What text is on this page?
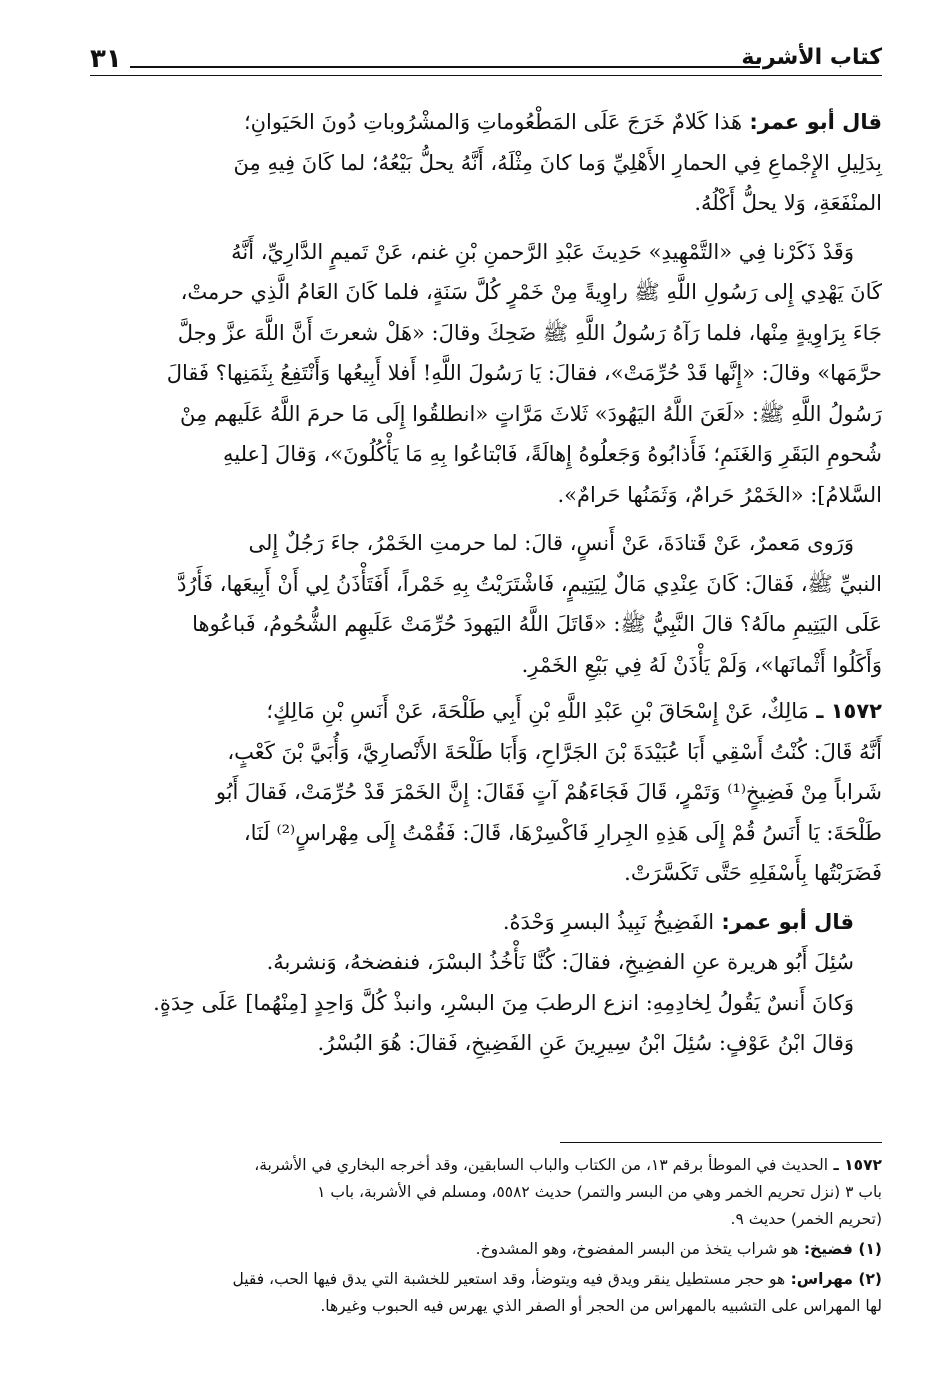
كتاب الأشربة
٣١

قال أبو عمر: هَذا كَلامٌ خَرَجَ عَلَى المَطْعُوماتِ وَالمشْرُوباتِ دُونَ الحَيَوانِ؛
بِدَلِيلِ الإِجْماعِ فِي الحمارِ الأَهْلِيِّ وَما كانَ مِثْلَهُ، أَنَّهُ يحلُّ بَيْعُهُ؛ لما كَانَ فِيهِ مِنَ
المنْفَعَةِ، وَلا يحلُّ أَكْلُهُ.

وَقَدْ ذَكَرْنا فِي «التَّمْهِيدِ» حَدِيثَ عَبْدِ الرَّحمنِ بْنِ غنم، عَنْ تَميمٍ الدَّارِيِّ، أَنَّهُ
كَانَ يَهْدِي إِلى رَسُولِ اللَّهِ ﷺ راوِيةً مِنْ خَمْرٍ كُلَّ سَنَةٍ، فلما كَانَ العَامُ الَّذِي حرمتْ،
جَاءَ بِرَاوِيةٍ مِنْها، فلما رَآهُ رَسُولُ اللَّهِ ﷺ ضَحِكَ وقالَ: «هَلْ شعرتَ أَنَّ اللَّهَ عزَّ وجلَّ
حرَّمَها» وقالَ: «إِنَّها قَدْ حُرِّمَتْ»، فقالَ: يَا رَسُولَ اللَّهِ! أَفلا أَبِيعُها وَأَنْتَفِعُ بِثَمَنِها؟ فَقالَ
رَسُولُ اللَّهِ ﷺ: «لَعَنَ اللَّهُ اليَهُودَ» ثَلاثَ مَرَّاتٍ «انطلقُوا إِلَى مَا حرمَ اللَّهُ عَلَيهم مِنْ
شُحومِ البَقَرِ وَالغَنَمِ؛ فَأَذابُوهُ وَجَعلُوهُ إِهالَةً، فَابْتاعُوا بِهِ مَا يَأْكُلُونَ»، وَقالَ [عليهِ
السَّلامُ]: «الخَمْرُ حَرامٌ، وَثَمَنُها حَرامٌ».

وَرَوى مَعمرٌ، عَنْ قَتادَةَ، عَنْ أَنسٍ، قالَ: لما حرمتِ الخَمْرُ، جاءَ رَجُلٌ إِلى
النبيِّ ﷺ، فَقالَ: كَانَ عِنْدِي مَالٌ لِيَتِيمٍ، فَاشْتَرَيْتُ بِهِ خَمْراً، أَفَتَأْذَنُ لِي أَنْ أَبِيعَها، فَأَرُدَّ
عَلَى اليَتِيمِ مالَهُ؟ قالَ النَّبِيُّ ﷺ: «قَاتَلَ اللَّهُ اليَهودَ حُرِّمَتْ عَلَيهِم الشُّحُومُ، فَباعُوها
وَأَكَلُوا أَثْمانَها»، وَلَمْ يَأْذَنْ لَهُ فِي بَيْعِ الخَمْرِ.

١٥٧٢ ـ مَالِكٌ، عَنْ إِسْحَاقَ بْنِ عَبْدِ اللَّهِ بْنِ أَبِي طَلْحَةَ، عَنْ أَنَسِ بْنِ مَالِكٍ؛
أَنَّهُ قَالَ: كُنْتُ أَسْقِي أَبَا عُبَيْدَةَ بْنَ الجَرَّاحِ، وَأَبَا طَلْحَةَ الأَنْصارِيَّ، وَأُبَيَّ بْنَ كَعْبٍ،
شَراباً مِنْ فَضِيخٍ⁽¹⁾ وَتَمْرٍ، قَالَ فَجَاءَهُمْ آتٍ فَقَالَ: إِنَّ الخَمْرَ قَدْ حُرِّمَتْ، فَقالَ أَبُو
طَلْحَةَ: يَا أَنَسُ قُمْ إِلَى هَذِهِ الجِرارِ فَاكْسِرْهَا، قَالَ: فَقُمْتُ إِلَى مِهْراسٍ⁽²⁾ لَنَا،
فَضَرَبْتُها بِأَسْفَلِهِ حَتَّى تَكَسَّرَتْ.

قال أبو عمر: الفَضِيخُ نَبِيذُ البسرِ وَحْدَهُ.

سُئِلَ أَبُو هريرة عنِ الفضِيخِ، فقالَ: كُنَّا نَأْخُذُ البسْرَ، فنفضخهُ، وَنشربهُ.

وَكانَ أَنسٌ يَقُولُ لِخادِمِهِ: انزع الرطبَ مِنَ البسْرِ، وانبذْ كُلَّ وَاحِدٍ [مِنْهُما] عَلَى حِدَةٍ.

وَقالَ ابْنُ عَوْفٍ: سُئِلَ ابْنُ سِيرِينَ عَنِ الفَضِيخِ، فَقالَ: هُوَ البُسْرُ.

١٥٧٢ ـ الحديث في الموطأ برقم ١٣، من الكتاب والباب السابقين، وقد أخرجه البخاري في الأشربة،
باب ٣ (نزل تحريم الخمر وهي من البسر والتمر) حديث ٥٥٨٢، ومسلم في الأشربة، باب ١
(تحريم الخمر) حديث ٩.

(١) فضيخ: هو شراب يتخذ من البسر المفضوخ، وهو المشدوخ.

(٢) مهراس: هو حجر مستطيل ينقر ويدق فيه ويتوضأ، وقد استعير للخشبة التي يدق فيها الحب، فقيل
لها المهراس على التشبيه بالمهراس من الحجر أو الصفر الذي يهرس فيه الحبوب وغيرها.
